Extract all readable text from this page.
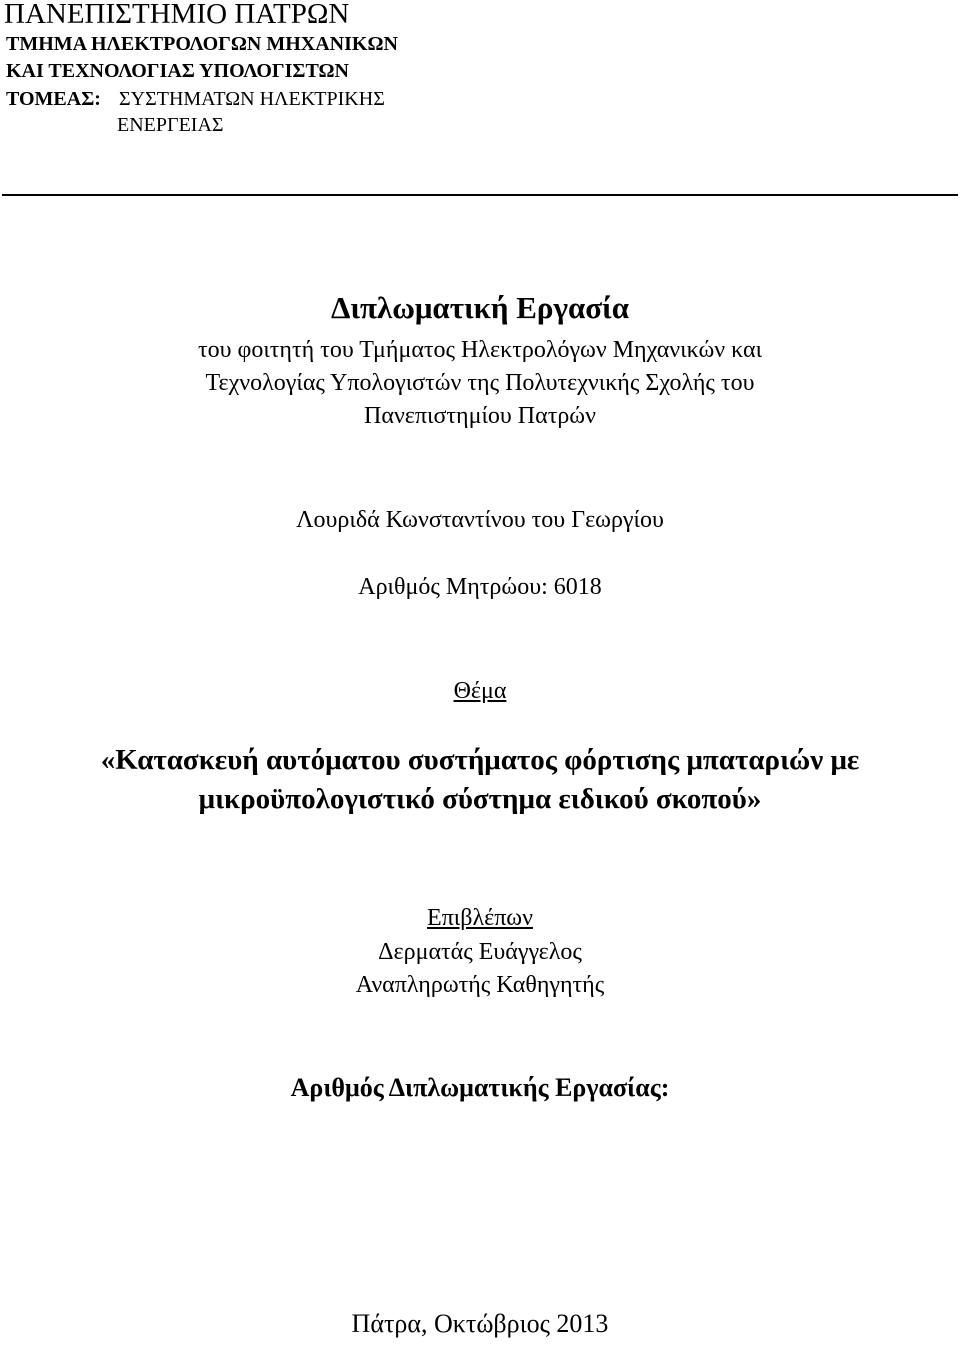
ΠΑΝΕΠΙΣΤΗΜΙΟ ΠΑΤΡΩΝ
ΤΜΗΜΑ ΗΛΕΚΤΡΟΛΟΓΩΝ ΜΗΧΑΝΙΚΩΝ
ΚΑΙ ΤΕΧΝΟΛΟΓΙΑΣ ΥΠΟΛΟΓΙΣΤΩΝ
ΤΟΜΕΑΣ: ΣΥΣΤΗΜΑΤΩΝ ΗΛΕΚΤΡΙΚΗΣ
ΕΝΕΡΓΕΙΑΣ
Διπλωματική Εργασία
του φοιτητή του Τμήματος Ηλεκτρολόγων Μηχανικών και
Τεχνολογίας Υπολογιστών της Πολυτεχνικής Σχολής του
Πανεπιστημίου Πατρών
Λουριδά Κωνσταντίνου του Γεωργίου
Αριθμός Μητρώου: 6018
Θέμα
«Κατασκευή αυτόματου συστήματος φόρτισης μπαταριών με
μικροϋπολογιστικό σύστημα ειδικού σκοπού»
Επιβλέπων
Δερματάς Ευάγγελος
Αναπληρωτής Καθηγητής
Αριθμός Διπλωματικής Εργασίας:
Πάτρα, Οκτώβριος 2013
